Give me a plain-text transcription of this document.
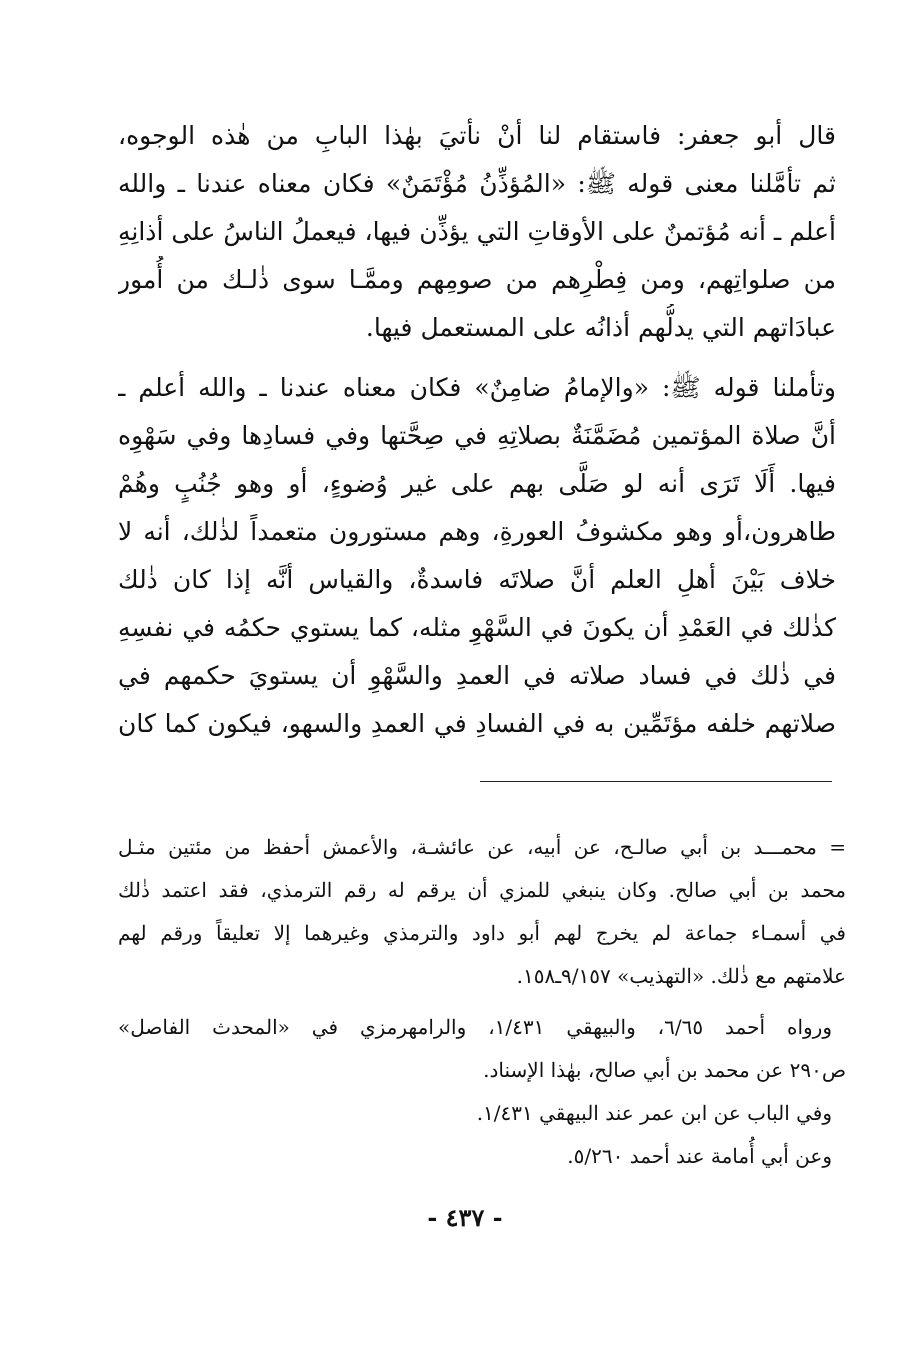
قال أبو جعفر: فاستقام لنا أنْ نأتيَ بهٰذا البابِ من هٰذه الوجوه،
ثم تأمَّلنا معنى قوله ﷺ: «المُؤذِّنُ مُؤْتَمَنٌ» فكان معناه عندنا ـ والله
أعلم ـ أنه مُؤتمنٌ على الأوقاتِ التي يؤذِّن فيها، فيعملُ الناسُ على أذانِهِ
من صلواتِهم، ومن فِطْرِهم من صومِهم وممَّـا سوى ذٰلـك من أُمور
عبادَاتهم التي يدلُّهم أذانُه على المستعمل فيها.
وتأملنا قوله ﷺ: «والإمامُ ضامِنٌ» فكان معناه عندنا ـ والله أعلم ـ
أنَّ صلاة المؤتمين مُضَمَّنَةٌ بصلاتِهِ في صِحَّتها وفي فسادِها وفي سَهْوِه
فيها. أَلَا تَرَى أنه لو صَلَّى بهم على غير وُضوءٍ، أو وهو جُنُبٍ وهُمْ
طاهرون،أو وهو مكشوفُ العورةِ، وهم مستورون متعمداً لذٰلك، أنه لا
خلاف بَيْنَ أهلِ العلم أنَّ صلاتَه فاسدةٌ، والقياس أنَّه إذا كان ذٰلك
كذٰلك في العَمْدِ أن يكونَ في السَّهْوِ مثله، كما يستوي حكمُه في نفسِهِ
في ذٰلك في فساد صلاته في العمدِ والسَّهْوِ أن يستويَ حكمهم في
صلاتهم خلفه مؤتَمِّين به في الفسادِ في العمدِ والسهو، فيكون كما كان
= محمـــد بن أبي صالـح، عن أبيه، عن عائشـة، والأعمش أحفظ من مئتين مثـل
محمد بن أبي صالح. وكان ينبغي للمزي أن يرقم له رقم الترمذي، فقد اعتمد ذٰلك
في أسمـاء جماعة لم يخرج لهم أبو داود والترمذي وغيرهما إلا تعليقاً ورقم لهم
علامتهم مع ذٰلك. «التهذيب» ٩/١٥٧ـ١٥٨.
ورواه أحمد ٦/٦٥، والبيهقي ١/٤٣١، والرامهرمزي في «المحدث الفاصل»
ص٢٩٠ عن محمد بن أبي صالح، بهٰذا الإسناد.
وفي الباب عن ابن عمر عند البيهقي ١/٤٣١.
وعن أبي أُمامة عند أحمد ٥/٢٦٠.
- ٤٣٧ -
